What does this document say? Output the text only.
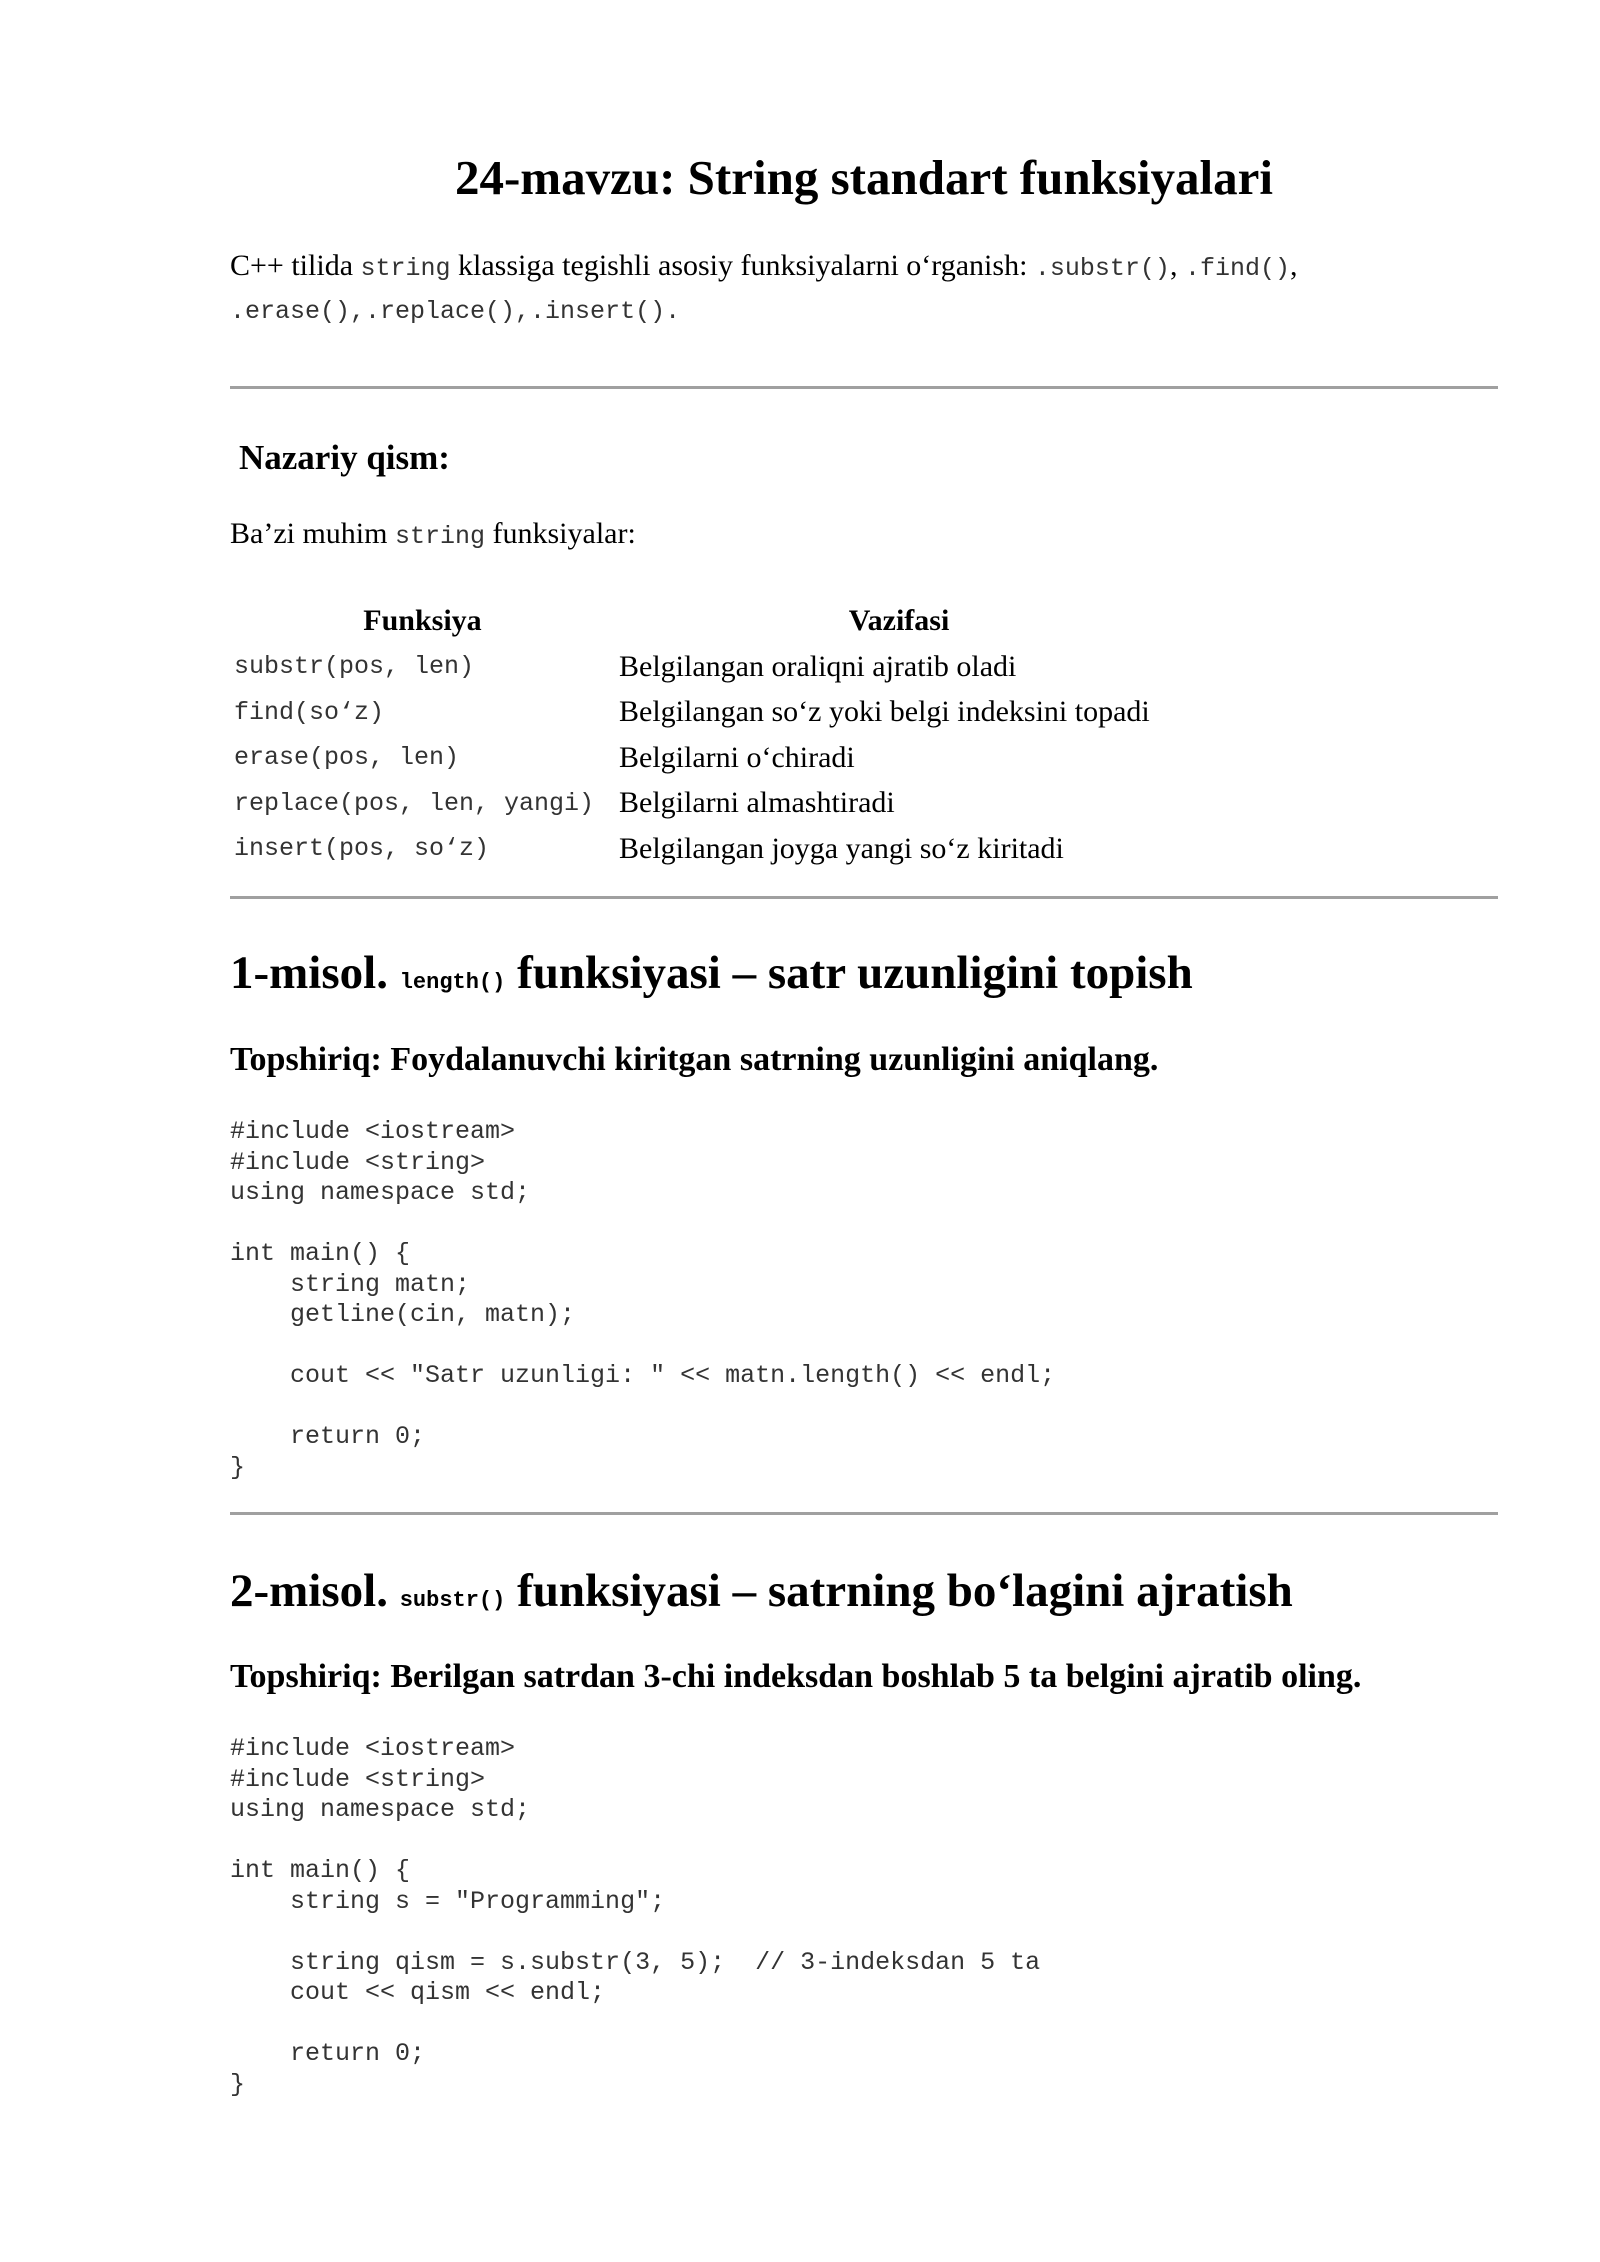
24-mavzu: String standart funksiyalari

C++ tilida string klassiga tegishli asosiy funksiyalarni o‘rganish: .substr(), .find(),
.erase(),.replace(),.insert().

Nazariy qism:

Ba’zi muhim string funksiyalar:

Funksiya	Vazifasi
substr(pos, len)	Belgilangan oraliqni ajratib oladi
find(so‘z)	Belgilangan so‘z yoki belgi indeksini topadi
erase(pos, len)	Belgilarni o‘chiradi
replace(pos, len, yangi)	Belgilarni almashtiradi
insert(pos, so‘z)	Belgilangan joyga yangi so‘z kiritadi
1-misol. length() funksiyasi – satr uzunligini topish

Topshiriq: Foydalanuvchi kiritgan satrning uzunligini aniqlang.

#include <iostream>
#include <string>
using namespace std;

int main() {
string matn;
getline(cin, matn);

cout << "Satr uzunligi: " << matn.length() << endl;

return 0;
}
2-misol. substr() funksiyasi – satrning bo‘lagini ajratish

Topshiriq: Berilgan satrdan 3-chi indeksdan boshlab 5 ta belgini ajratib oling.

#include <iostream>
#include <string>
using namespace std;

int main() {
string s = "Programming";

string qism = s.substr(3, 5);  // 3-indeksdan 5 ta
cout << qism << endl;

return 0;
}
